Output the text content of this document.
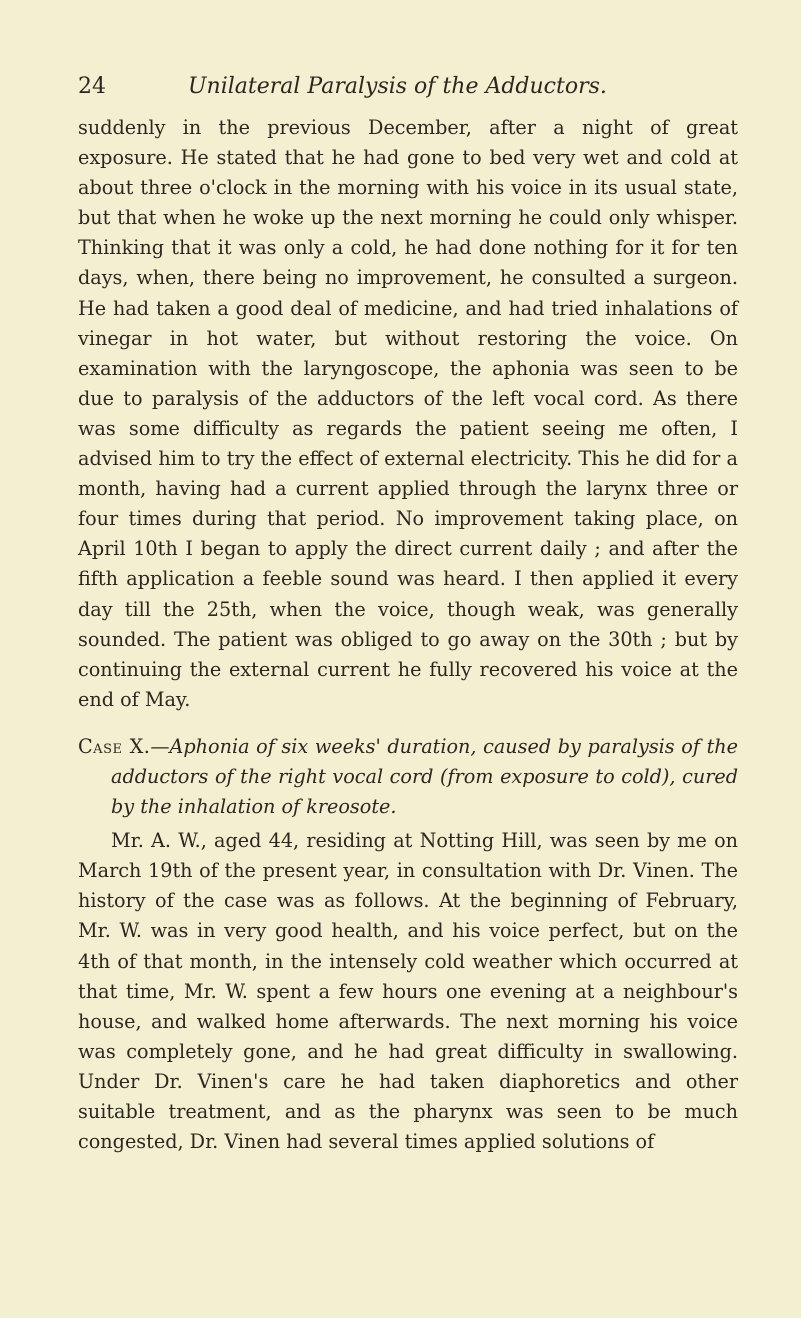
24	Unilateral Paralysis of the Adductors.

suddenly in the previous December, after a night of great exposure. He stated that he had gone to bed very wet and cold at about three o'clock in the morning with his voice in its usual state, but that when he woke up the next morning he could only whisper. Thinking that it was only a cold, he had done nothing for it for ten days, when, there being no improvement, he consulted a surgeon. He had taken a good deal of medicine, and had tried inhalations of vinegar in hot water, but without restoring the voice. On examination with the laryngoscope, the aphonia was seen to be due to paralysis of the adductors of the left vocal cord. As there was some difficulty as regards the patient seeing me often, I advised him to try the effect of external electricity. This he did for a month, having had a current applied through the larynx three or four times during that period. No improvement taking place, on April 10th I began to apply the direct current daily ; and after the fifth application a feeble sound was heard. I then applied it every day till the 25th, when the voice, though weak, was generally sounded. The patient was obliged to go away on the 30th ; but by continuing the external current he fully recovered his voice at the end of May.

Case X.—Aphonia of six weeks' duration, caused by paralysis of the adductors of the right vocal cord (from exposure to cold), cured by the inhalation of kreosote.

Mr. A. W., aged 44, residing at Notting Hill, was seen by me on March 19th of the present year, in consultation with Dr. Vinen. The history of the case was as follows. At the beginning of February, Mr. W. was in very good health, and his voice perfect, but on the 4th of that month, in the intensely cold weather which occurred at that time, Mr. W. spent a few hours one evening at a neighbour's house, and walked home afterwards. The next morning his voice was completely gone, and he had great difficulty in swallowing. Under Dr. Vinen's care he had taken diaphoretics and other suitable treatment, and as the pharynx was seen to be much congested, Dr. Vinen had several times applied solutions of
